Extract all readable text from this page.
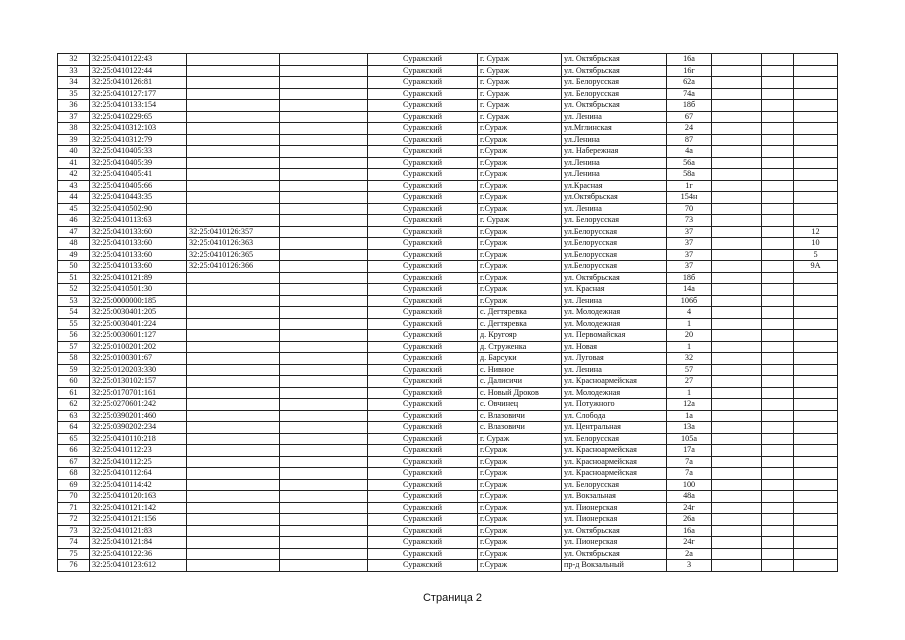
32	32:25:0410122:43			Суражский	г. Сураж	ул. Октябрьская	16а			
33	32:25:0410122:44			Суражский	г. Сураж	ул. Октябрьская	16г			
34	32:25:0410126:81			Суражский	г. Сураж	ул. Белорусская	62а			
35	32:25:0410127:177			Суражский	г. Сураж	ул. Белорусская	74а			
36	32:25:0410133:154			Суражский	г. Сураж	ул. Октябрьская	18б			
37	32:25:0410229:65			Суражский	г. Сураж	ул. Ленина	67			
38	32:25:0410312:103			Суражский	г.Сураж	ул.Мглинская	24			
39	32:25:0410312:79			Суражский	г.Сураж	ул.Ленина	87			
40	32:25:0410405:33			Суражский	г.Сураж	ул. Набережная	4а			
41	32:25:0410405:39			Суражский	г.Сураж	ул.Ленина	56а			
42	32:25:0410405:41			Суражский	г.Сураж	ул.Ленина	58а			
43	32:25:0410405:66			Суражский	г.Сураж	ул.Красная	1г			
44	32:25:0410443:35			Суражский	г.Сураж	ул.Октябрьская	154н			
45	32:25:0410502:90			Суражский	г.Сураж	ул. Ленина	70			
46	32:25:0410113:63			Суражский	г. Сураж	ул. Белорусская	73			
47	32:25:0410133:60	32:25:0410126:357		Суражский	г.Сураж	ул.Белорусская	37			12
48	32:25:0410133:60	32:25:0410126:363		Суражский	г.Сураж	ул.Белорусская	37			10
49	32:25:0410133:60	32:25:0410126:365		Суражский	г.Сураж	ул.Белорусская	37			5
50	32:25:0410133:60	32:25:0410126:366		Суражский	г.Сураж	ул.Белорусская	37			9А
51	32:25:0410121:89			Суражский	г.Сураж	ул. Октябрьская	18б			
52	32:25:0410501:30			Суражский	г.Сураж	ул. Красная	14а			
53	32:25:0000000:185			Суражский	г.Сураж	ул. Ленина	106б			
54	32:25:0030401:205			Суражский	с. Дегтяревка	ул. Молодежная	4			
55	32:25:0030401:224			Суражский	с. Дегтяревка	ул. Молодежная	1			
56	32:25:0030601:127			Суражский	д. Кругояр	ул. Первомайская	20			
57	32:25:0100201:202			Суражский	д. Струженка	ул. Новая	1			
58	32:25:0100301:67			Суражский	д. Барсуки	ул. Луговая	32			
59	32:25:0120203:330			Суражский	с. Нивное	ул. Ленина	57			
60	32:25:0130102:157			Суражский	с. Далисичи	ул. Красноармейская	27			
61	32:25:0170701:161			Суражский	с. Новый Дроков	ул. Молодежная	1			
62	32:25:0270601:242			Суражский	с. Овчинец	ул. Потужного	12а			
63	32:25:0390201:460			Суражский	с. Влазовичи	ул. Слобода	1а			
64	32:25:0390202:234			Суражский	с. Влазовичи	ул. Центральная	13а			
65	32:25:0410110:218			Суражский	г. Сураж	ул. Белорусская	105а			
66	32:25:0410112:23			Суражский	г.Сураж	ул. Красноармейская	17а			
67	32:25:0410112:25			Суражский	г.Сураж	ул. Красноармейская	7а			
68	32:25:0410112:64			Суражский	г.Сураж	ул. Красноармейская	7а			
69	32:25:0410114:42			Суражский	г.Сураж	ул. Белорусская	100			
70	32:25:0410120:163			Суражский	г.Сураж	ул. Вокзальная	48а			
71	32:25:0410121:142			Суражский	г.Сураж	ул. Пионерская	24г			
72	32:25:0410121:156			Суражский	г.Сураж	ул. Пионерская	26а			
73	32:25:0410121:83			Суражский	г.Сураж	ул. Октябрьская	16а			
74	32:25:0410121:84			Суражский	г.Сураж	ул. Пионерская	24г			
75	32:25:0410122:36			Суражский	г.Сураж	ул. Октябрьская	2а			
76	32:25:0410123:612			Суражский	г.Сураж	пр-д Вокзальный	3			
Страница 2
